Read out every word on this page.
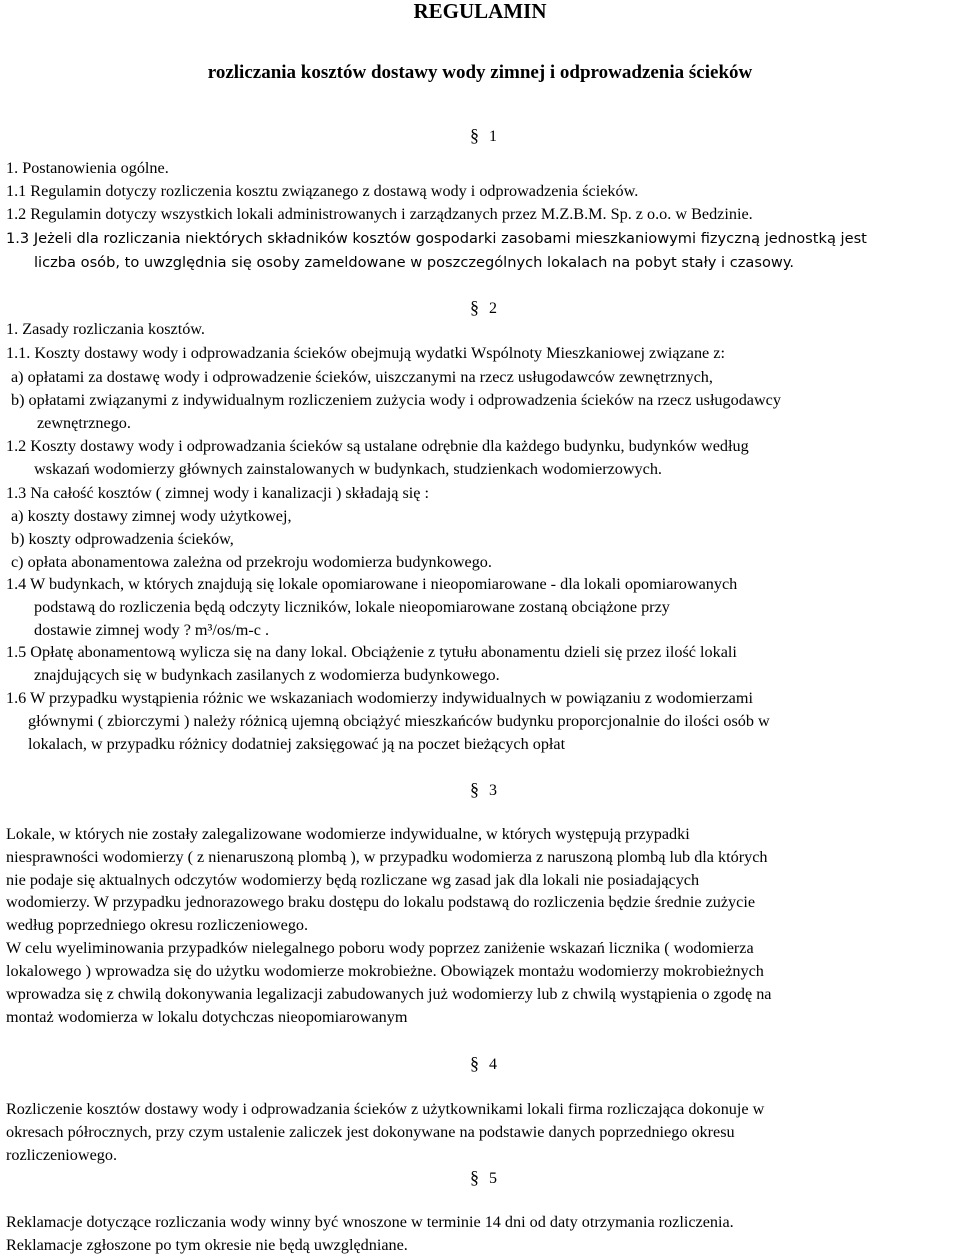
REGULAMIN
rozliczania kosztów dostawy wody zimnej i odprowadzenia ścieków
§ 1
1. Postanowienia ogólne.
1.1 Regulamin dotyczy rozliczenia kosztu związanego z dostawą wody i odprowadzenia ścieków.
1.2 Regulamin dotyczy wszystkich lokali administrowanych i zarządzanych przez M.Z.B.M. Sp. z o.o. w Bedzinie.
1.3 Jeżeli dla rozliczania niektórych składników kosztów gospodarki zasobami mieszkaniowymi fizyczną jednostką jest
liczba osób, to uwzględnia się osoby zameldowane w poszczególnych lokalach na pobyt stały i czasowy.
§ 2
1. Zasady rozliczania kosztów.
1.1. Koszty dostawy wody i odprowadzania ścieków obejmują wydatki Wspólnoty Mieszkaniowej związane z:
a) opłatami za dostawę wody i odprowadzenie ścieków, uiszczanymi na rzecz usługodawców zewnętrznych,
b) opłatami związanymi z indywidualnym rozliczeniem zużycia wody i odprowadzenia ścieków na rzecz usługodawcy
zewnętrznego.
1.2 Koszty dostawy wody i odprowadzania ścieków są ustalane odrębnie dla każdego budynku, budynków według
wskazań wodomierzy głównych zainstalowanych w budynkach, studzienkach wodomierzowych.
1.3 Na całość kosztów ( zimnej wody i kanalizacji ) składają się :
a) koszty dostawy zimnej wody użytkowej,
b) koszty odprowadzenia ścieków,
c) opłata abonamentowa zależna od przekroju wodomierza budynkowego.
1.4 W budynkach, w których znajdują się lokale opomiarowane i nieopomiarowane - dla lokali opomiarowanych
podstawą do rozliczenia będą odczyty liczników, lokale nieopomiarowane zostaną obciążone przy
dostawie zimnej wody ? m³/os/m-c .
1.5 Opłatę abonamentową wylicza się na dany lokal. Obciążenie z tytułu abonamentu dzieli się przez ilość lokali
znajdujących się w budynkach zasilanych z wodomierza budynkowego.
1.6 W przypadku wystąpienia różnic we wskazaniach wodomierzy indywidualnych w powiązaniu z wodomierzami
głównymi ( zbiorczymi ) należy różnicą ujemną obciążyć mieszkańców budynku proporcjonalnie do ilości osób w
lokalach, w przypadku różnicy dodatniej zaksięgować ją na poczet bieżących opłat
§ 3
Lokale, w których nie zostały zalegalizowane wodomierze indywidualne, w których występują przypadki
niesprawności wodomierzy ( z nienaruszoną plombą ), w przypadku wodomierza z naruszoną plombą lub dla których
nie podaje się aktualnych odczytów wodomierzy będą rozliczane wg zasad jak dla lokali nie posiadających
wodomierzy. W przypadku jednorazowego braku dostępu do lokalu podstawą do rozliczenia będzie średnie zużycie
według poprzedniego okresu rozliczeniowego.
W celu wyeliminowania przypadków nielegalnego poboru wody poprzez zaniżenie wskazań licznika ( wodomierza
lokalowego ) wprowadza się do użytku wodomierze mokrobieżne. Obowiązek montażu wodomierzy mokrobieżnych
wprowadza się z chwilą dokonywania legalizacji zabudowanych już wodomierzy lub z chwilą wystąpienia o zgodę na
montaż wodomierza w lokalu dotychczas nieopomiarowanym
§ 4
Rozliczenie kosztów dostawy wody i odprowadzania ścieków z użytkownikami lokali firma rozliczająca dokonuje w
okresach półrocznych, przy czym ustalenie zaliczek jest dokonywane na podstawie danych poprzedniego okresu
rozliczeniowego.
§ 5
Reklamacje dotyczące rozliczania wody winny być wnoszone w terminie 14 dni od daty otrzymania rozliczenia.
Reklamacje zgłoszone po tym okresie nie będą uwzględniane.
